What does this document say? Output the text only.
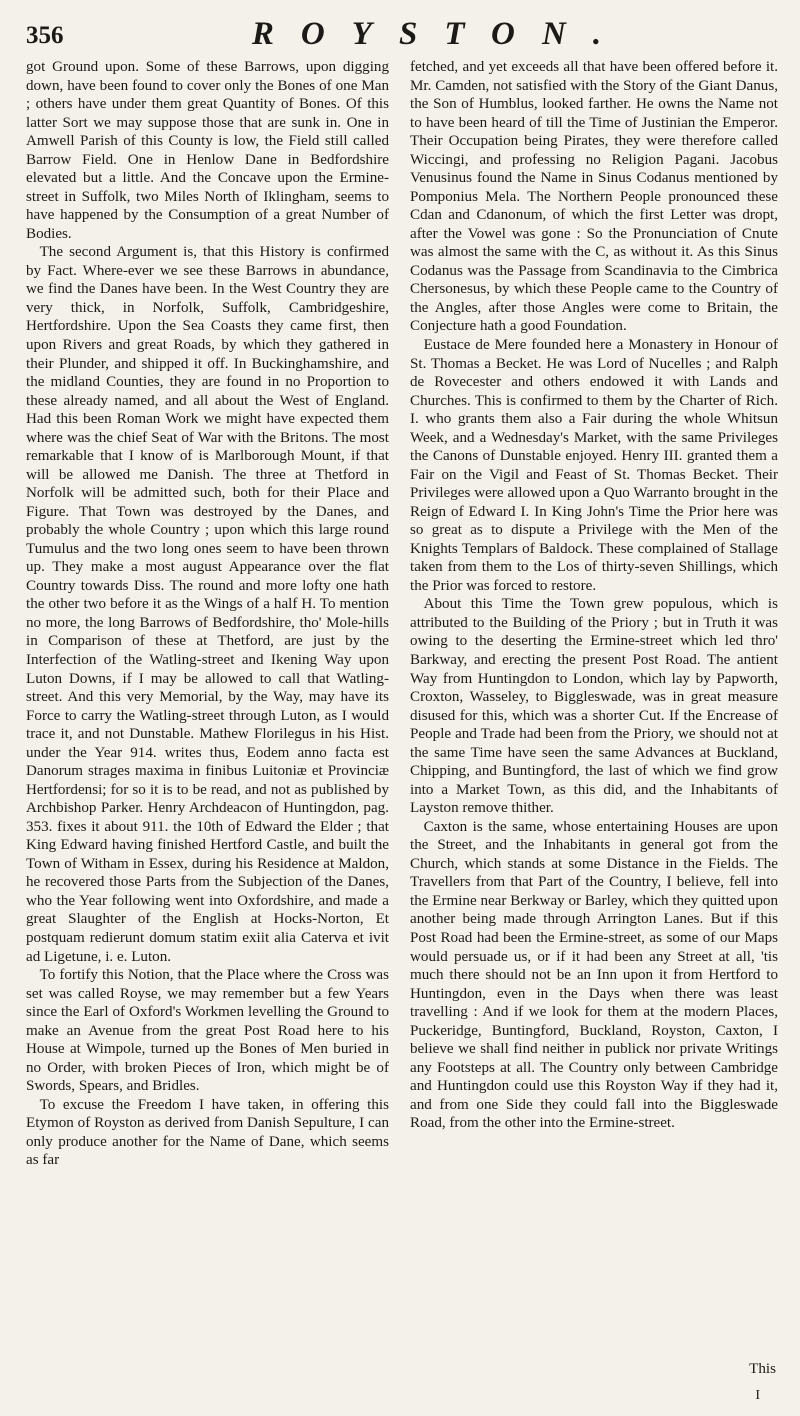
356	ROYSTON.

got Ground upon. Some of these Barrows, upon digging down, have been found to cover only the Bones of one Man ; others have under them great Quantity of Bones. Of this latter Sort we may suppose those that are sunk in. One in Amwell Parish of this County is low, the Field still called Barrow Field. One in Henlow Dane in Bedfordshire elevated but a little. And the Concave upon the Ermine-street in Suffolk, two Miles North of Iklingham, seems to have happened by the Consumption of a great Number of Bodies.

The second Argument is, that this History is confirmed by Fact. Where-ever we see these Barrows in abundance, we find the Danes have been. In the West Country they are very thick, in Norfolk, Suffolk, Cambridgeshire, Hertfordshire. Upon the Sea Coasts they came first, then upon Rivers and great Roads, by which they gathered in their Plunder, and shipped it off. In Buckinghamshire, and the midland Counties, they are found in no Proportion to these already named, and all about the West of England. Had this been Roman Work we might have expected them where was the chief Seat of War with the Britons. The most remarkable that I know of is Marlborough Mount, if that will be allowed me Danish. The three at Thetford in Norfolk will be admitted such, both for their Place and Figure. That Town was destroyed by the Danes, and probably the whole Country ; upon which this large round Tumulus and the two long ones seem to have been thrown up. They make a most august Appearance over the flat Country towards Diss. The round and more lofty one hath the other two before it as the Wings of a half H. To mention no more, the long Barrows of Bedfordshire, tho' Mole-hills in Comparison of these at Thetford, are just by the Interfection of the Watling-street and Ikening Way upon Luton Downs, if I may be allowed to call that Watling-street. And this very Memorial, by the Way, may have its Force to carry the Watling-street through Luton, as I would trace it, and not Dunstable. Mathew Florilegus in his Hist. under the Year 914. writes thus, Eodem anno facta est Danorum strages maxima in finibus Luitoniæ et Provinciæ Hertfordensi; for so it is to be read, and not as published by Archbishop Parker. Henry Archdeacon of Huntingdon, pag. 353. fixes it about 911. the 10th of Edward the Elder ; that King Edward having finished Hertford Castle, and built the Town of Witham in Essex, during his Residence at Maldon, he recovered those Parts from the Subjection of the Danes, who the Year following went into Oxfordshire, and made a great Slaughter of the English at Hocks-Norton, Et postquam redierunt domum statim exiit alia Caterva et ivit ad Ligetune, i. e. Luton.

To fortify this Notion, that the Place where the Cross was set was called Royse, we may remember but a few Years since the Earl of Oxford's Workmen levelling the Ground to make an Avenue from the great Post Road here to his House at Wimpole, turned up the Bones of Men buried in no Order, with broken Pieces of Iron, which might be of Swords, Spears, and Bridles.

To excuse the Freedom I have taken, in offering this Etymon of Royston as derived from Danish Sepulture, I can only produce another for the Name of Dane, which seems as far

fetched, and yet exceeds all that have been offered before it. Mr. Camden, not satisfied with the Story of the Giant Danus, the Son of Humblus, looked farther. He owns the Name not to have been heard of till the Time of Justinian the Emperor. Their Occupation being Pirates, they were therefore called Wiccingi, and professing no Religion Pagani. Jacobus Venusinus found the Name in Sinus Codanus mentioned by Pomponius Mela. The Northern People pronounced these Cdan and Cdanonum, of which the first Letter was dropt, after the Vowel was gone : So the Pronunciation of Cnute was almost the same with the C, as without it. As this Sinus Codanus was the Passage from Scandinavia to the Cimbrica Chersonesus, by which these People came to the Country of the Angles, after those Angles were come to Britain, the Conjecture hath a good Foundation.

Eustace de Mere founded here a Monastery in Honour of St. Thomas a Becket. He was Lord of Nucelles ; and Ralph de Rovecester and others endowed it with Lands and Churches. This is confirmed to them by the Charter of Rich. I. who grants them also a Fair during the whole Whitsun Week, and a Wednesday's Market, with the same Privileges the Canons of Dunstable enjoyed. Henry III. granted them a Fair on the Vigil and Feast of St. Thomas Becket. Their Privileges were allowed upon a Quo Warranto brought in the Reign of Edward I. In King John's Time the Prior here was so great as to dispute a Privilege with the Men of the Knights Templars of Baldock. These complained of Stallage taken from them to the Los of thirty-seven Shillings, which the Prior was forced to restore.

About this Time the Town grew populous, which is attributed to the Building of the Priory ; but in Truth it was owing to the deserting the Ermine-street which led thro' Barkway, and erecting the present Post Road. The antient Way from Huntingdon to London, which lay by Papworth, Croxton, Wasseley, to Biggleswade, was in great measure disused for this, which was a shorter Cut. If the Encrease of People and Trade had been from the Priory, we should not at the same Time have seen the same Advances at Buckland, Chipping, and Buntingford, the last of which we find grow into a Market Town, as this did, and the Inhabitants of Layston remove thither.

Caxton is the same, whose entertaining Houses are upon the Street, and the Inhabitants in general got from the Church, which stands at some Distance in the Fields. The Travellers from that Part of the Country, I believe, fell into the Ermine near Berkway or Barley, which they quitted upon another being made through Arrington Lanes. But if this Post Road had been the Ermine-street, as some of our Maps would persuade us, or if it had been any Street at all, 'tis much there should not be an Inn upon it from Hertford to Huntingdon, even in the Days when there was least travelling : And if we look for them at the modern Places, Puckeridge, Buntingford, Buckland, Royston, Caxton, I believe we shall find neither in publick nor private Writings any Footsteps at all. The Country only between Cambridge and Huntingdon could use this Royston Way if they had it, and from one Side they could fall into the Biggleswade Road, from the other into the Ermine-street.

This
I
